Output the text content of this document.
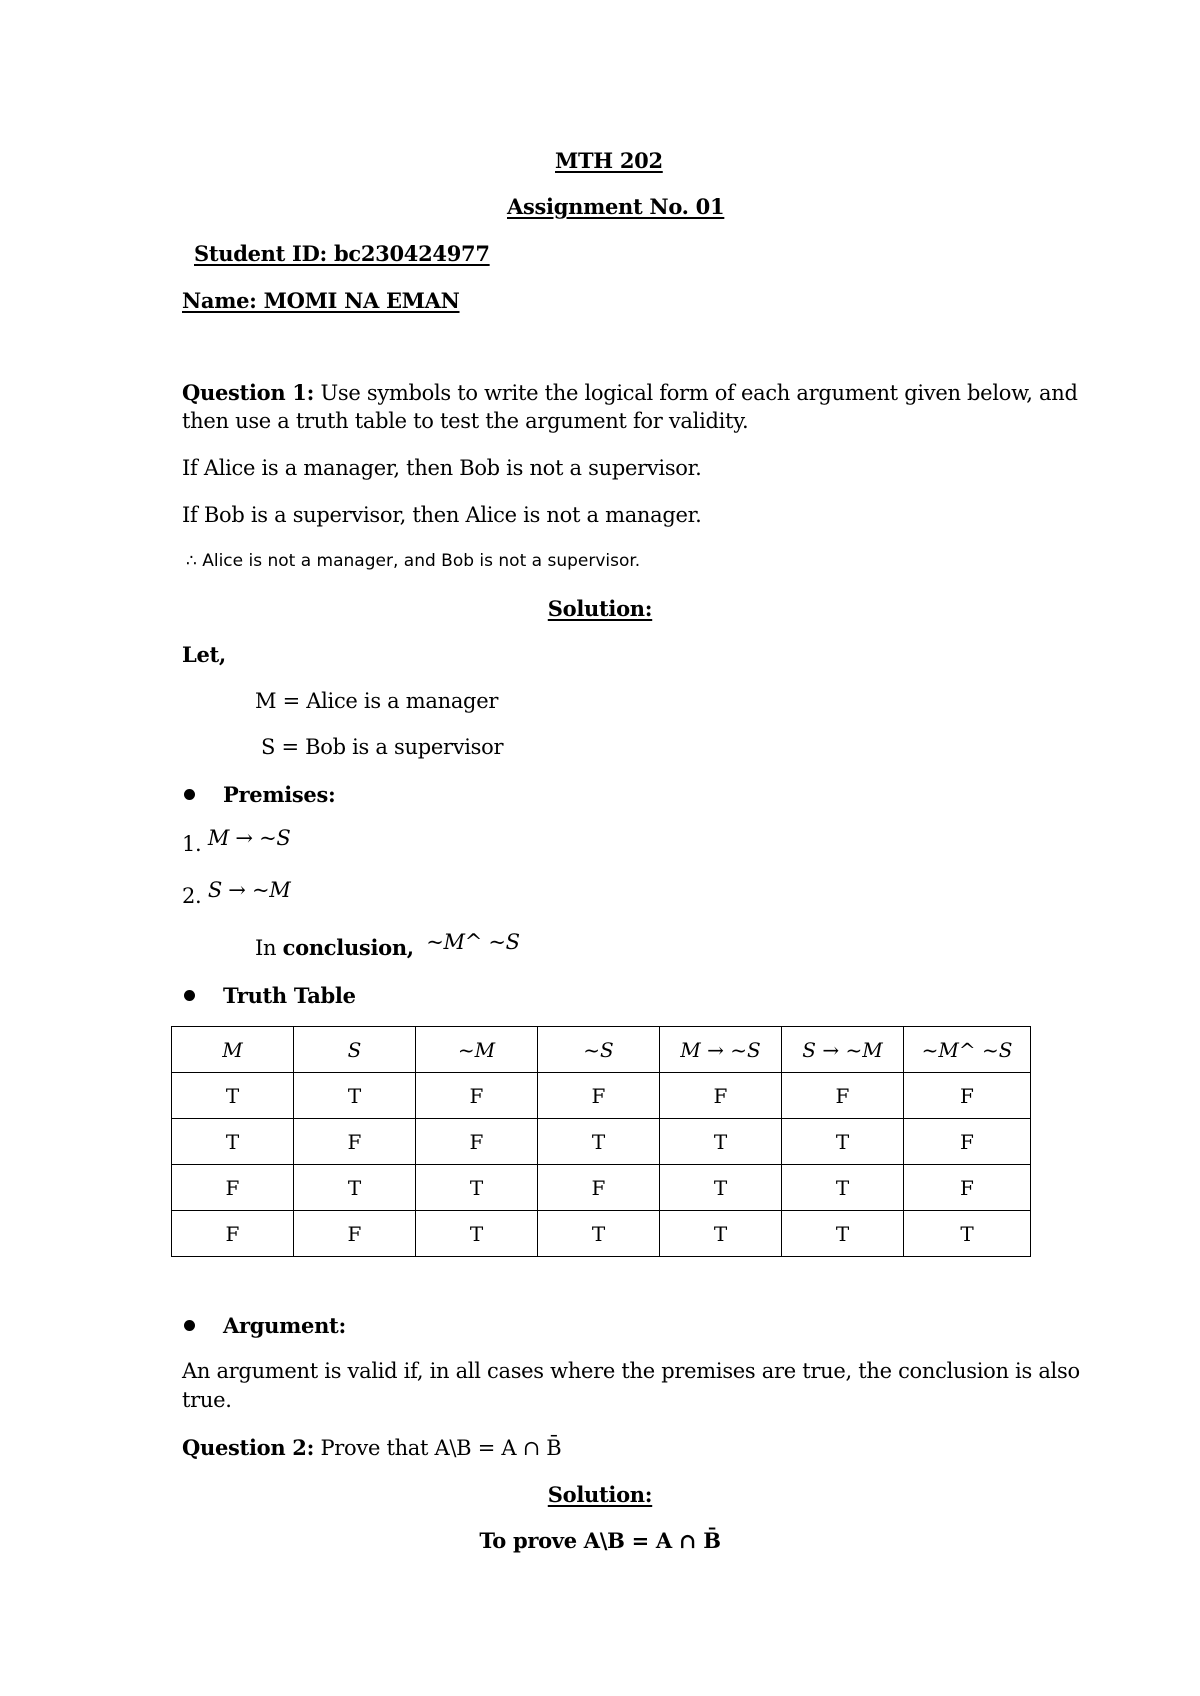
MTH 202
Assignment No. 01
Student ID: bc230424977
Name: MOMI NA EMAN
Question 1: Use symbols to write the logical form of each argument given below, and
then use a truth table to test the argument for validity.
If Alice is a manager, then Bob is not a supervisor.
If Bob is a supervisor, then Alice is not a manager.
∴ Alice is not a manager, and Bob is not a supervisor.
Solution:
Let,
M = Alice is a manager
S = Bob is a supervisor
Premises:
1. M → ~S
2. S → ~M
In conclusion, ~M^ ~S
Truth Table
M	S	~M	~S	M → ~S	S → ~M	~M^ ~S
T	T	F	F	F	F	F
T	F	F	T	T	T	F
F	T	T	F	T	T	F
F	F	T	T	T	T	T
Argument:
An argument is valid if, in all cases where the premises are true, the conclusion is also
true.
Question 2: Prove that A\B = A ∩ B̄
Solution:
To prove A\B = A ∩ B̄
